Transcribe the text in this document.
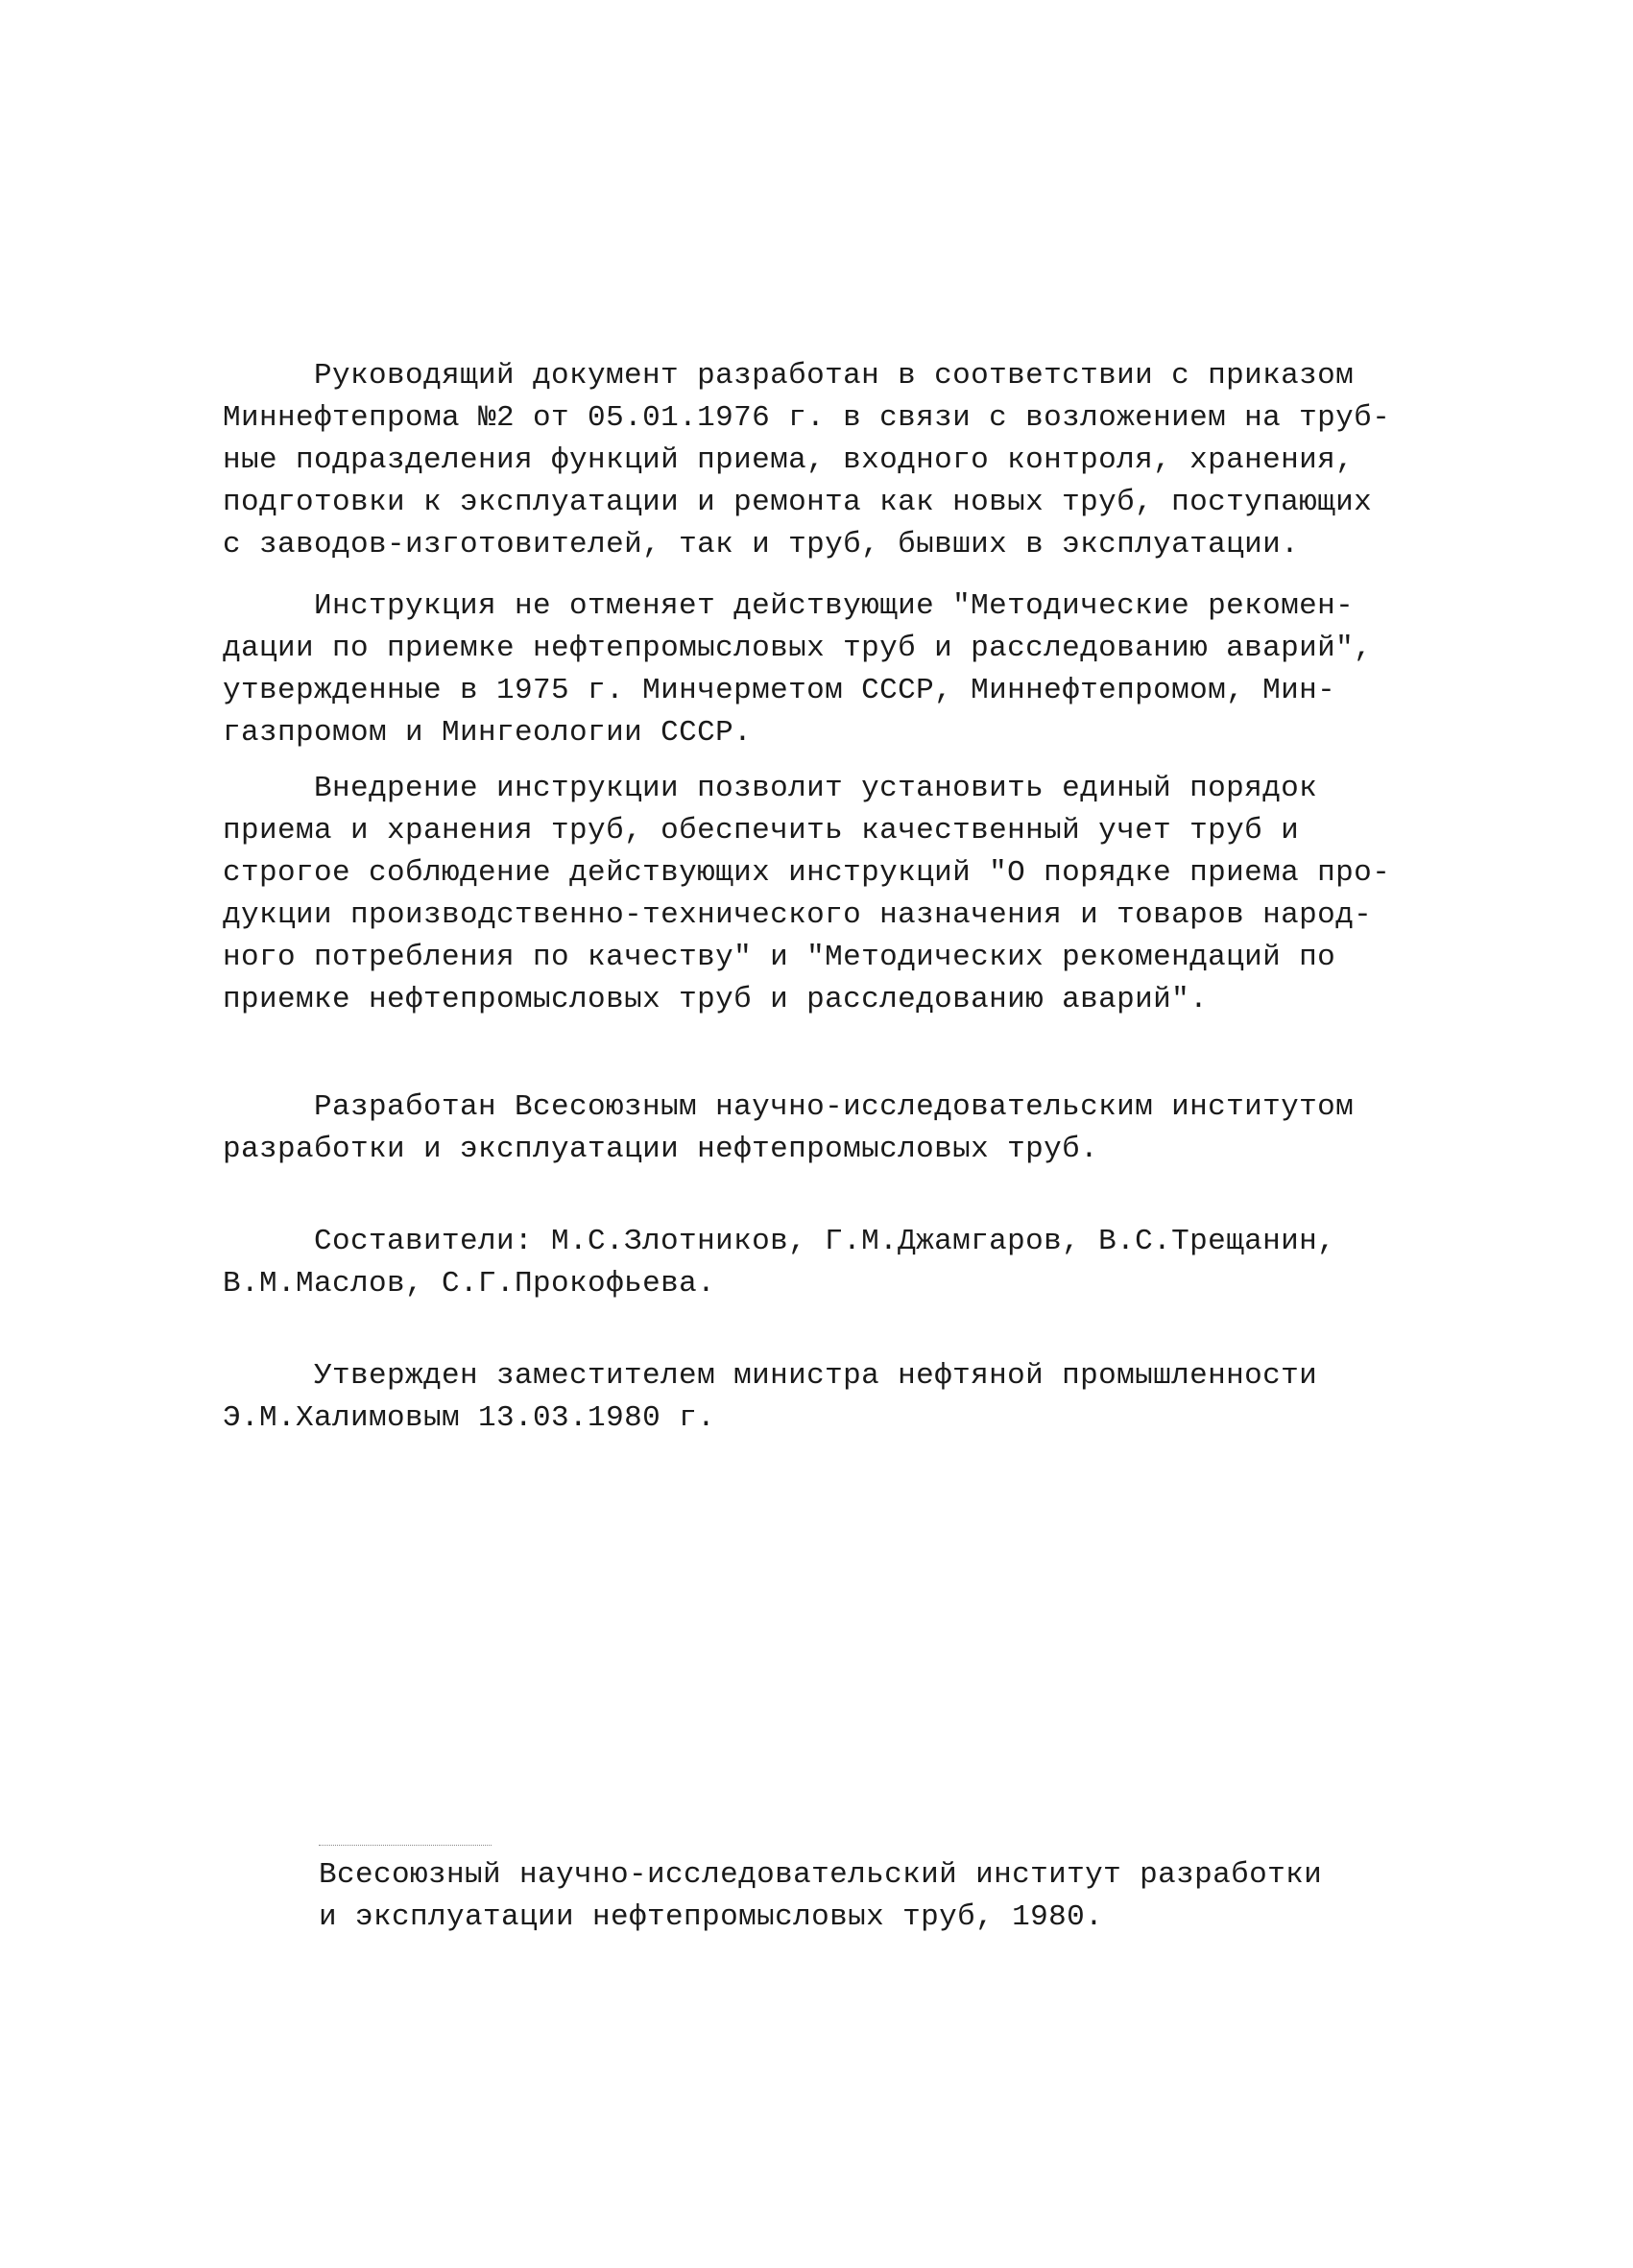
Руководящий документ разработан в соответствии с приказом
Миннефтепрома №2 от 05.01.1976 г. в связи с возложением на труб-
ные подразделения функций приема, входного контроля, хранения,
подготовки к эксплуатации и ремонта как новых труб, поступающих
с заводов-изготовителей, так и труб, бывших в эксплуатации.
Инструкция не отменяет действующие "Методические рекомен-
дации по приемке нефтепромысловых труб и расследованию аварий",
утвержденные в 1975 г. Минчерметом СССР, Миннефтепромом, Мин-
газпромом и Мингеологии СССР.
Внедрение инструкции позволит установить единый порядок
приема и хранения труб, обеспечить качественный учет труб и
строгое соблюдение действующих инструкций "О порядке приема про-
дукции производственно-технического назначения и товаров народ-
ного потребления по качеству" и "Методических рекомендаций по
приемке нефтепромысловых труб и расследованию аварий".
Разработан Всесоюзным научно-исследовательским институтом
разработки и эксплуатации нефтепромысловых труб.
Составители: М.С.Злотников, Г.М.Джамгаров, В.С.Трещанин,
В.М.Маслов, С.Г.Прокофьева.
Утвержден заместителем министра нефтяной промышленности
Э.М.Халимовым 13.03.1980 г.
Всесоюзный научно-исследовательский институт разработки
и эксплуатации нефтепромысловых труб, 1980.
